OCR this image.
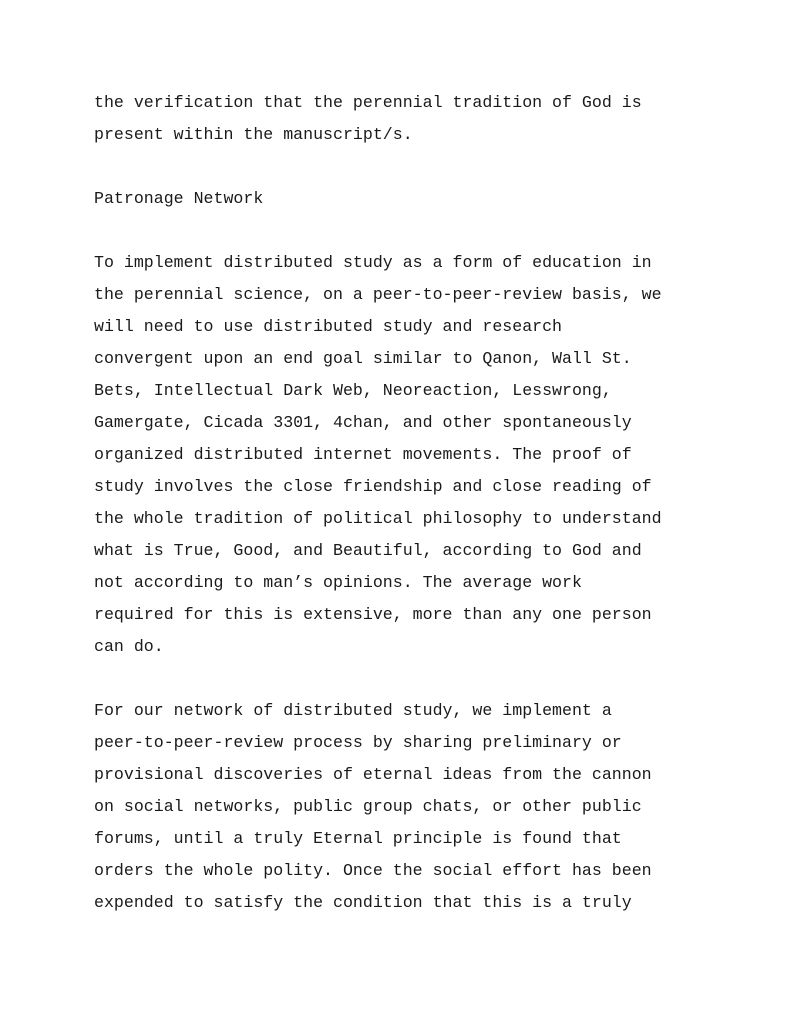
the verification that the perennial tradition of God is

present within the manuscript/s.

Patronage Network

To implement distributed study as a form of education in

the perennial science, on a peer-to-peer-review basis, we

will need to use distributed study and research

convergent upon an end goal similar to Qanon, Wall St.

Bets, Intellectual Dark Web, Neoreaction, Lesswrong,

Gamergate, Cicada 3301, 4chan, and other spontaneously

organized distributed internet movements. The proof of

study involves the close friendship and close reading of

the whole tradition of political philosophy to understand

what is True, Good, and Beautiful, according to God and

not according to man’s opinions. The average work

required for this is extensive, more than any one person

can do.

For our network of distributed study, we implement a

peer-to-peer-review process by sharing preliminary or

provisional discoveries of eternal ideas from the cannon

on social networks, public group chats, or other public

forums, until a truly Eternal principle is found that

orders the whole polity. Once the social effort has been

expended to satisfy the condition that this is a truly
